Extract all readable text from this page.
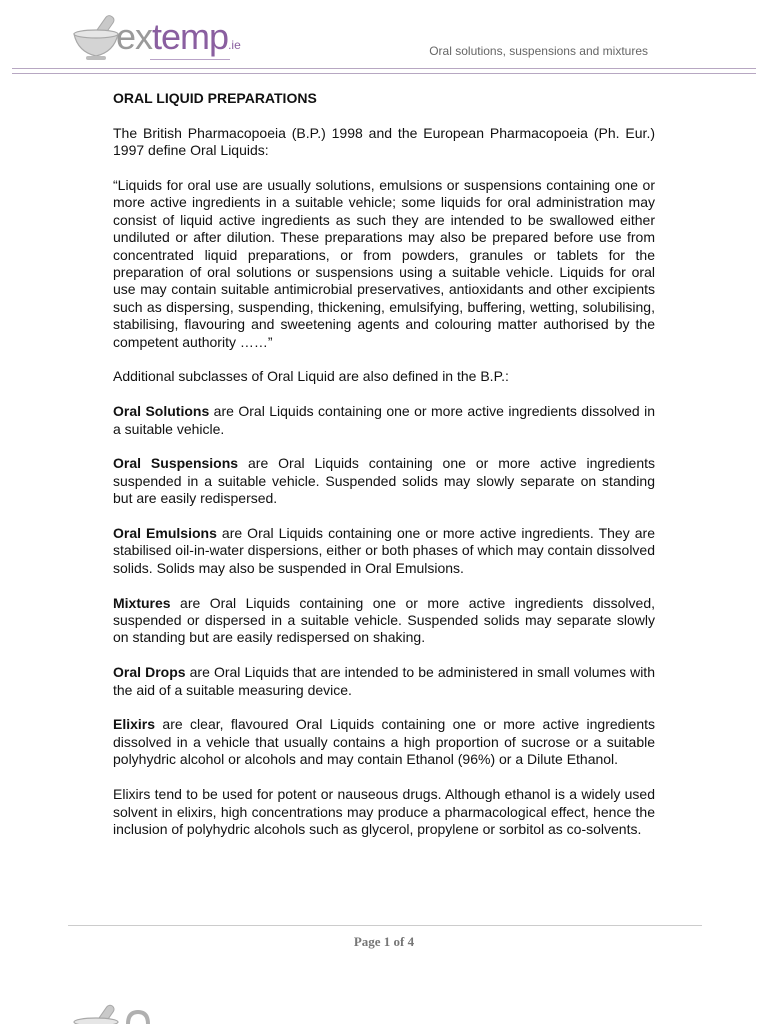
extemp.ie	Oral solutions, suspensions and mixtures

ORAL LIQUID PREPARATIONS

The British Pharmacopoeia (B.P.) 1998 and the European Pharmacopoeia (Ph. Eur.) 1997 define Oral Liquids:

“Liquids for oral use are usually solutions, emulsions or suspensions containing one or more active ingredients in a suitable vehicle; some liquids for oral administration may consist of liquid active ingredients as such they are intended to be swallowed either undiluted or after dilution. These preparations may also be prepared before use from concentrated liquid preparations, or from powders, granules or tablets for the preparation of oral solutions or suspensions using a suitable vehicle. Liquids for oral use may contain suitable antimicrobial preservatives, antioxidants and other excipients such as dispersing, suspending, thickening, emulsifying, buffering, wetting, solubilising, stabilising, flavouring and sweetening agents and colouring matter authorised by the competent authority ……”

Additional subclasses of Oral Liquid are also defined in the B.P.:

Oral Solutions are Oral Liquids containing one or more active ingredients dissolved in a suitable vehicle.

Oral Suspensions are Oral Liquids containing one or more active ingredients suspended in a suitable vehicle. Suspended solids may slowly separate on standing but are easily redispersed.

Oral Emulsions are Oral Liquids containing one or more active ingredients. They are stabilised oil-in-water dispersions, either or both phases of which may contain dissolved solids. Solids may also be suspended in Oral Emulsions.

Mixtures are Oral Liquids containing one or more active ingredients dissolved, suspended or dispersed in a suitable vehicle. Suspended solids may separate slowly on standing but are easily redispersed on shaking.

Oral Drops are Oral Liquids that are intended to be administered in small volumes with the aid of a suitable measuring device.

Elixirs are clear, flavoured Oral Liquids containing one or more active ingredients dissolved in a vehicle that usually contains a high proportion of sucrose or a suitable polyhydric alcohol or alcohols and may contain Ethanol (96%) or a Dilute Ethanol.

Elixirs tend to be used for potent or nauseous drugs. Although ethanol is a widely used solvent in elixirs, high concentrations may produce a pharmacological effect, hence the inclusion of polyhydric alcohols such as glycerol, propylene or sorbitol as co-solvents.

Page 1 of 4
